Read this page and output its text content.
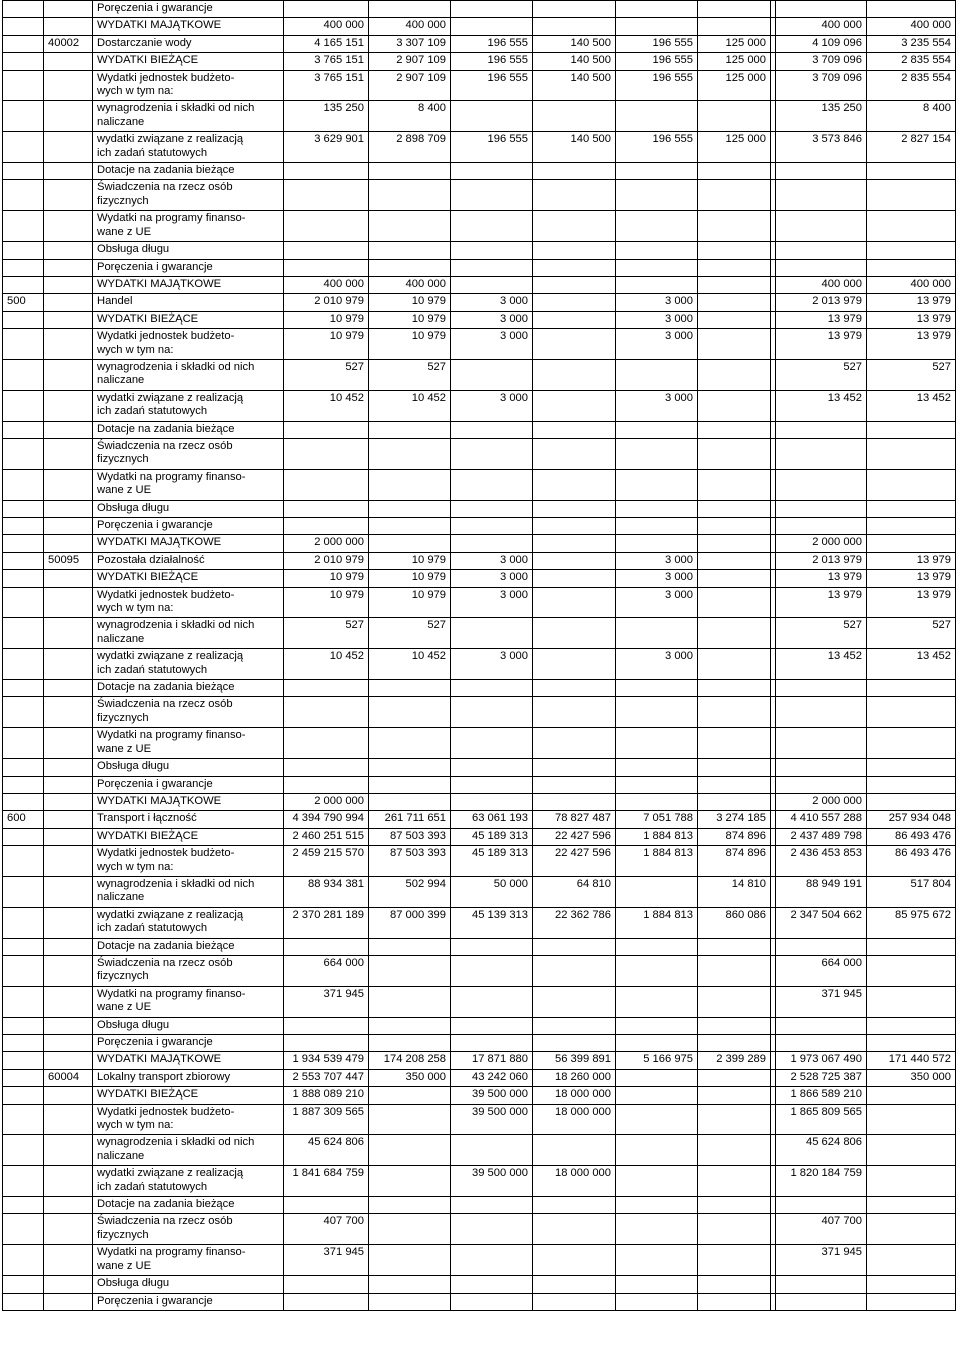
		Poręczenia i gwarancje									
		WYDATKI MAJĄTKOWE	400 000	400 000						400 000	400 000
	40002	Dostarczanie wody	4 165 151	3 307 109	196 555	140 500	196 555	125 000		4 109 096	3 235 554
		WYDATKI BIEŻĄCE	3 765 151	2 907 109	196 555	140 500	196 555	125 000		3 709 096	2 835 554
		Wydatki jednostek budżeto-
wych w tym na:	3 765 151	2 907 109	196 555	140 500	196 555	125 000		3 709 096	2 835 554
		wynagrodzenia i składki od nich
naliczane	135 250	8 400						135 250	8 400
		wydatki związane z realizacją
ich zadań statutowych	3 629 901	2 898 709	196 555	140 500	196 555	125 000		3 573 846	2 827 154
		Dotacje na zadania bieżące									
		Świadczenia na rzecz osób
fizycznych									
		Wydatki na programy finanso-
wane z UE									
		Obsługa długu									
		Poręczenia i gwarancje									
		WYDATKI MAJĄTKOWE	400 000	400 000						400 000	400 000
500		Handel	2 010 979	10 979	3 000		3 000			2 013 979	13 979
		WYDATKI BIEŻĄCE	10 979	10 979	3 000		3 000			13 979	13 979
		Wydatki jednostek budżeto-
wych w tym na:	10 979	10 979	3 000		3 000			13 979	13 979
		wynagrodzenia i składki od nich
naliczane	527	527						527	527
		wydatki związane z realizacją
ich zadań statutowych	10 452	10 452	3 000		3 000			13 452	13 452
		Dotacje na zadania bieżące									
		Świadczenia na rzecz osób
fizycznych									
		Wydatki na programy finanso-
wane z UE									
		Obsługa długu									
		Poręczenia i gwarancje									
		WYDATKI MAJĄTKOWE	2 000 000							2 000 000	
	50095	Pozostała działalność	2 010 979	10 979	3 000		3 000			2 013 979	13 979
		WYDATKI BIEŻĄCE	10 979	10 979	3 000		3 000			13 979	13 979
		Wydatki jednostek budżeto-
wych w tym na:	10 979	10 979	3 000		3 000			13 979	13 979
		wynagrodzenia i składki od nich
naliczane	527	527						527	527
		wydatki związane z realizacją
ich zadań statutowych	10 452	10 452	3 000		3 000			13 452	13 452
		Dotacje na zadania bieżące									
		Świadczenia na rzecz osób
fizycznych									
		Wydatki na programy finanso-
wane z UE									
		Obsługa długu									
		Poręczenia i gwarancje									
		WYDATKI MAJĄTKOWE	2 000 000							2 000 000	
600		Transport i łączność	4 394 790 994	261 711 651	63 061 193	78 827 487	7 051 788	3 274 185		4 410 557 288	257 934 048
		WYDATKI BIEŻĄCE	2 460 251 515	87 503 393	45 189 313	22 427 596	1 884 813	874 896		2 437 489 798	86 493 476
		Wydatki jednostek budżeto-
wych w tym na:	2 459 215 570	87 503 393	45 189 313	22 427 596	1 884 813	874 896		2 436 453 853	86 493 476
		wynagrodzenia i składki od nich
naliczane	88 934 381	502 994	50 000	64 810		14 810		88 949 191	517 804
		wydatki związane z realizacją
ich zadań statutowych	2 370 281 189	87 000 399	45 139 313	22 362 786	1 884 813	860 086		2 347 504 662	85 975 672
		Dotacje na zadania bieżące									
		Świadczenia na rzecz osób
fizycznych	664 000							664 000	
		Wydatki na programy finanso-
wane z UE	371 945							371 945	
		Obsługa długu									
		Poręczenia i gwarancje									
		WYDATKI MAJĄTKOWE	1 934 539 479	174 208 258	17 871 880	56 399 891	5 166 975	2 399 289		1 973 067 490	171 440 572
	60004	Lokalny transport zbiorowy	2 553 707 447	350 000	43 242 060	18 260 000				2 528 725 387	350 000
		WYDATKI BIEŻĄCE	1 888 089 210		39 500 000	18 000 000				1 866 589 210	
		Wydatki jednostek budżeto-
wych w tym na:	1 887 309 565		39 500 000	18 000 000				1 865 809 565	
		wynagrodzenia i składki od nich
naliczane	45 624 806							45 624 806	
		wydatki związane z realizacją
ich zadań statutowych	1 841 684 759		39 500 000	18 000 000				1 820 184 759	
		Dotacje na zadania bieżące									
		Świadczenia na rzecz osób
fizycznych	407 700							407 700	
		Wydatki na programy finanso-
wane z UE	371 945							371 945	
		Obsługa długu									
		Poręczenia i gwarancje									
